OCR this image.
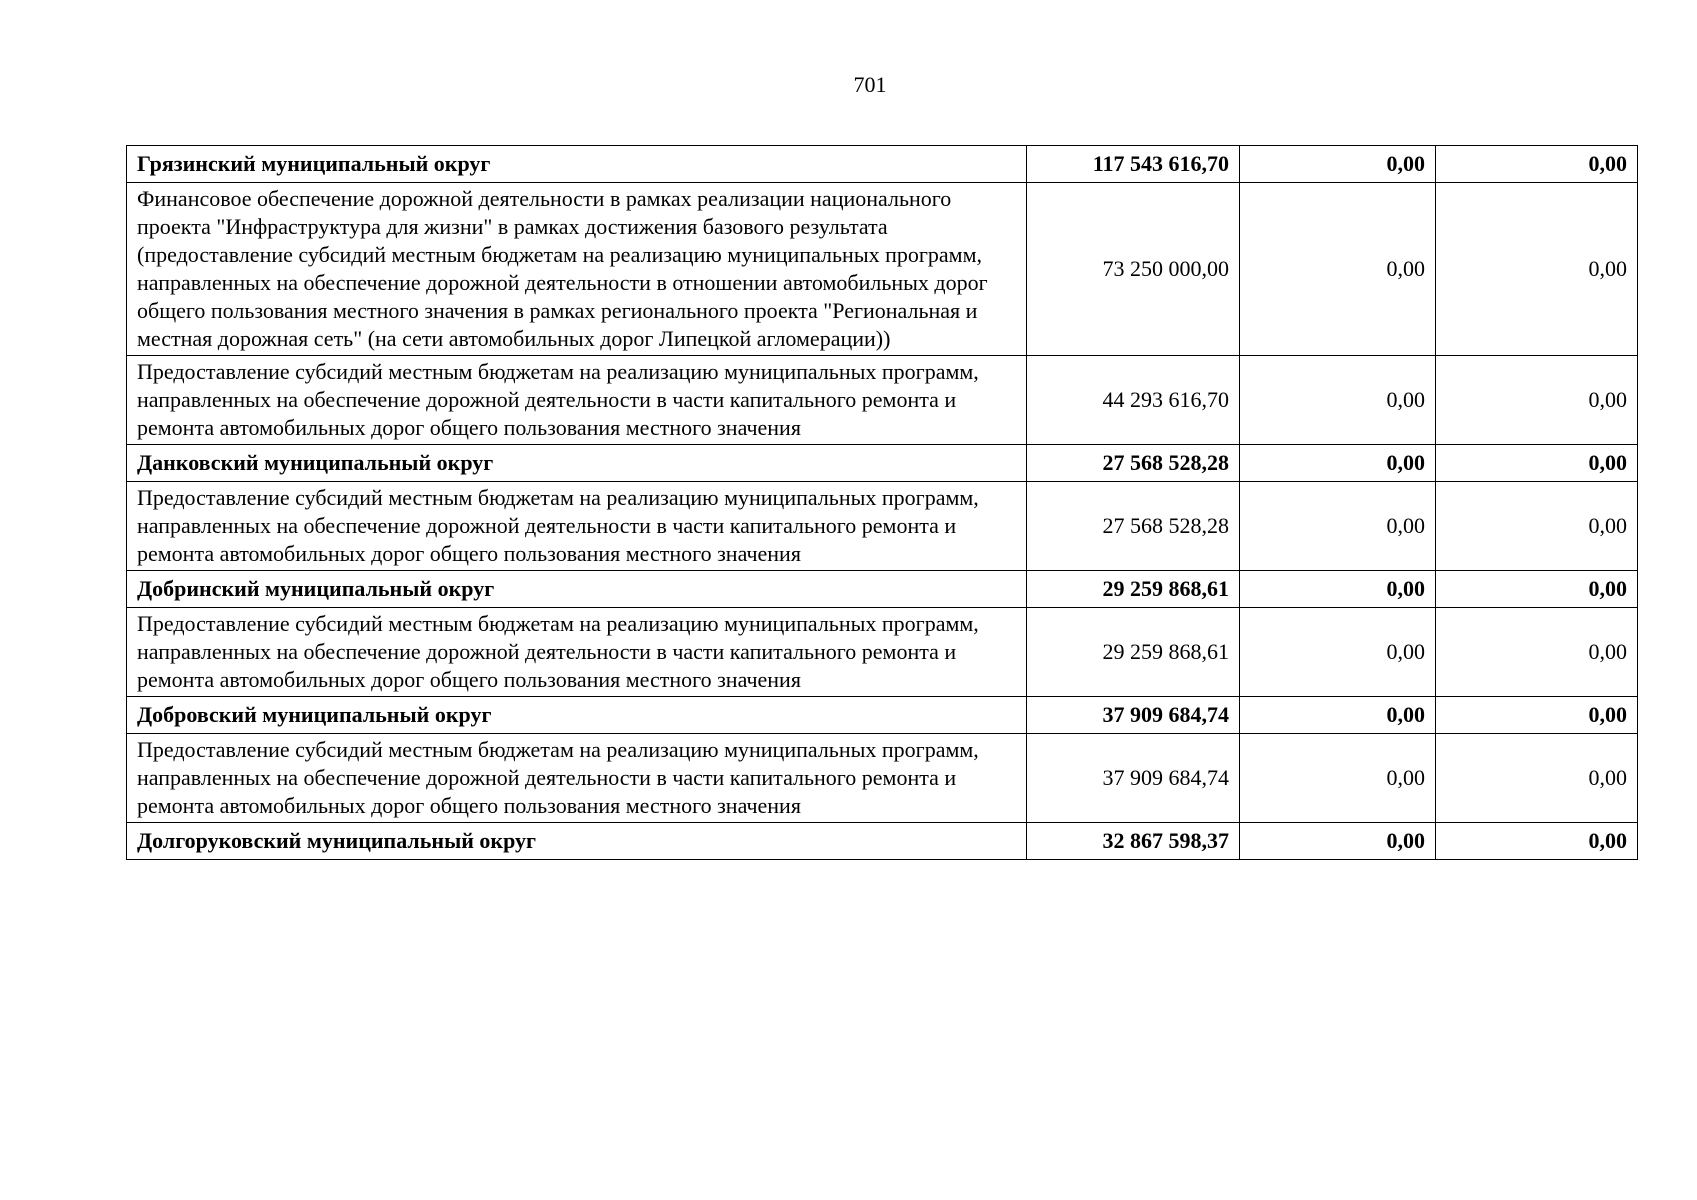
701
Грязинский муниципальный округ	117 543 616,70	0,00	0,00
Финансовое обеспечение дорожной деятельности в рамках реализации национального проекта "Инфраструктура для жизни" в рамках достижения базового результата (предоставление субсидий местным бюджетам на реализацию муниципальных программ, направленных на обеспечение дорожной деятельности в отношении автомобильных дорог общего пользования местного значения в рамках регионального проекта "Региональная и местная дорожная сеть" (на сети автомобильных дорог Липецкой агломерации))	73 250 000,00	0,00	0,00
Предоставление субсидий местным бюджетам на реализацию муниципальных программ, направленных на обеспечение дорожной деятельности в части капитального ремонта и ремонта автомобильных дорог общего пользования местного значения	44 293 616,70	0,00	0,00
Данковский муниципальный округ	27 568 528,28	0,00	0,00
Предоставление субсидий местным бюджетам на реализацию муниципальных программ, направленных на обеспечение дорожной деятельности в части капитального ремонта и ремонта автомобильных дорог общего пользования местного значения	27 568 528,28	0,00	0,00
Добринский муниципальный округ	29 259 868,61	0,00	0,00
Предоставление субсидий местным бюджетам на реализацию муниципальных программ, направленных на обеспечение дорожной деятельности в части капитального ремонта и ремонта автомобильных дорог общего пользования местного значения	29 259 868,61	0,00	0,00
Добровский муниципальный округ	37 909 684,74	0,00	0,00
Предоставление субсидий местным бюджетам на реализацию муниципальных программ, направленных на обеспечение дорожной деятельности в части капитального ремонта и ремонта автомобильных дорог общего пользования местного значения	37 909 684,74	0,00	0,00
Долгоруковский муниципальный округ	32 867 598,37	0,00	0,00
